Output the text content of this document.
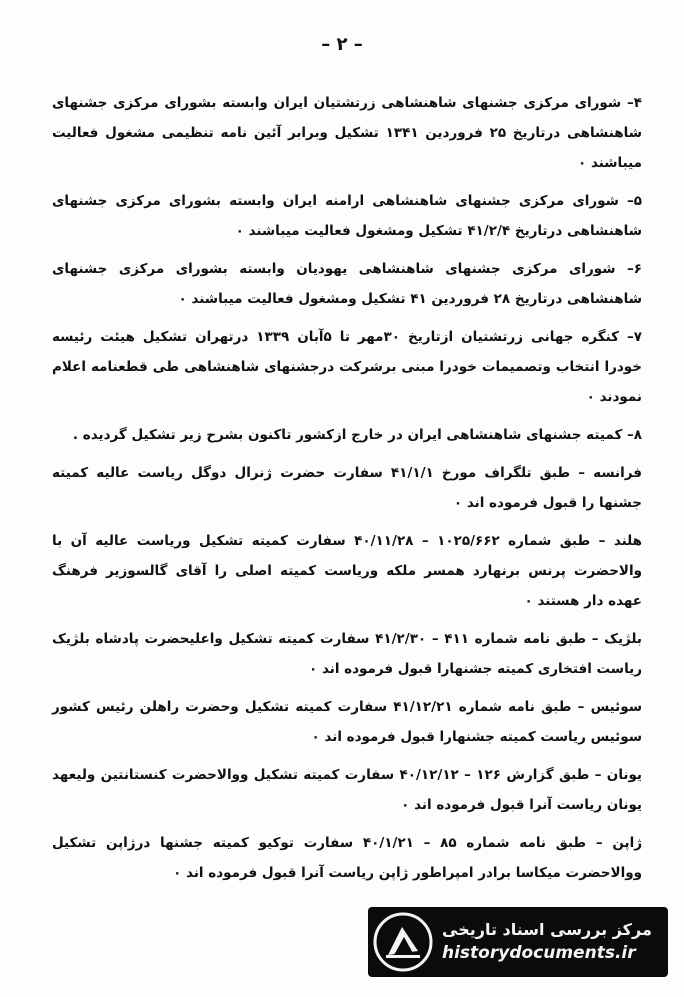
– ۲ –

۴– شورای مرکزی جشنهای شاهنشاهی زرتشتیان ایران وابسته بشورای مرکزی جشنهای شاهنشاهی درتاریخ ۲۵ فروردین ۱۳۴۱ تشکیل وبرابر آئین نامه تنظیمی مشغول فعالیت میباشند ٠

۵– شورای مرکزی جشنهای شاهنشاهی ارامنه ایران وابسته بشورای مرکزی جشنهای شاهنشاهی درتاریخ ۴۱/۲/۴ تشکیل ومشغول فعالیت میباشند ٠

۶– شورای مرکزی جشنهای شاهنشاهی یهودیان وابسته بشورای مرکزی جشنهای شاهنشاهی درتاریخ ۲۸ فروردین ۴۱ تشکیل ومشغول فعالیت میباشند ٠

۷– کنگره جهانی زرتشتیان ازتاریخ ۳۰مهر تا ۵آبان ۱۳۳۹ درتهران تشکیل هیئت رئیسه خودرا انتخاب وتصمیمات خودرا مبنی برشرکت درجشنهای شاهنشاهی طی قطعنامه اعلام نمودند ٠

۸– کمیته جشنهای شاهنشاهی ایران در خارج ازکشور تاکنون بشرح زیر تشکیل گردیده .

فرانسه – طبق تلگراف مورخ ۴۱/۱/۱ سفارت حضرت ژنرال دوگل ریاست عالیه کمیته جشنها را قبول فرموده اند ٠

هلند – طبق شماره ۱۰۲۵/۶۶۲ – ۴۰/۱۱/۲۸ سفارت کمیته تشکیل وریاست عالیه آن با والاحضرت پرنس برنهارد همسر ملکه وریاست کمیته اصلی را آقای گالسوزیر فرهنگ عهده دار هستند ٠

بلژیک – طبق نامه شماره ۴۱۱ – ۴۱/۲/۳۰ سفارت کمیته تشکیل واعلیحضرت پادشاه بلژیک ریاست افتخاری کمیته جشنهارا قبول فرموده اند ٠

سوئیس – طبق نامه شماره ۴۱/۱۲/۲۱ سفارت کمیته تشکیل وحضرت راهلن رئیس کشور سوئیس ریاست کمیته جشنهارا قبول فرموده اند ٠

یونان – طبق گزارش ۱۲۶ – ۴۰/۱۲/۱۲ سفارت کمیته تشکیل ووالاحضرت کنستانتین ولیعهد یونان ریاست آنرا قبول فرموده اند ٠

ژاپن – طبق نامه شماره ۸۵ – ۴۰/۱/۲۱ سفارت توکیو کمیته جشنها درژاپن تشکیل ووالاحضرت میکاسا برادر امپراطور ژاپن ریاست آنرا قبول فرموده اند ٠

مرکز بررسی اسناد تاریخی
historydocuments.ir
